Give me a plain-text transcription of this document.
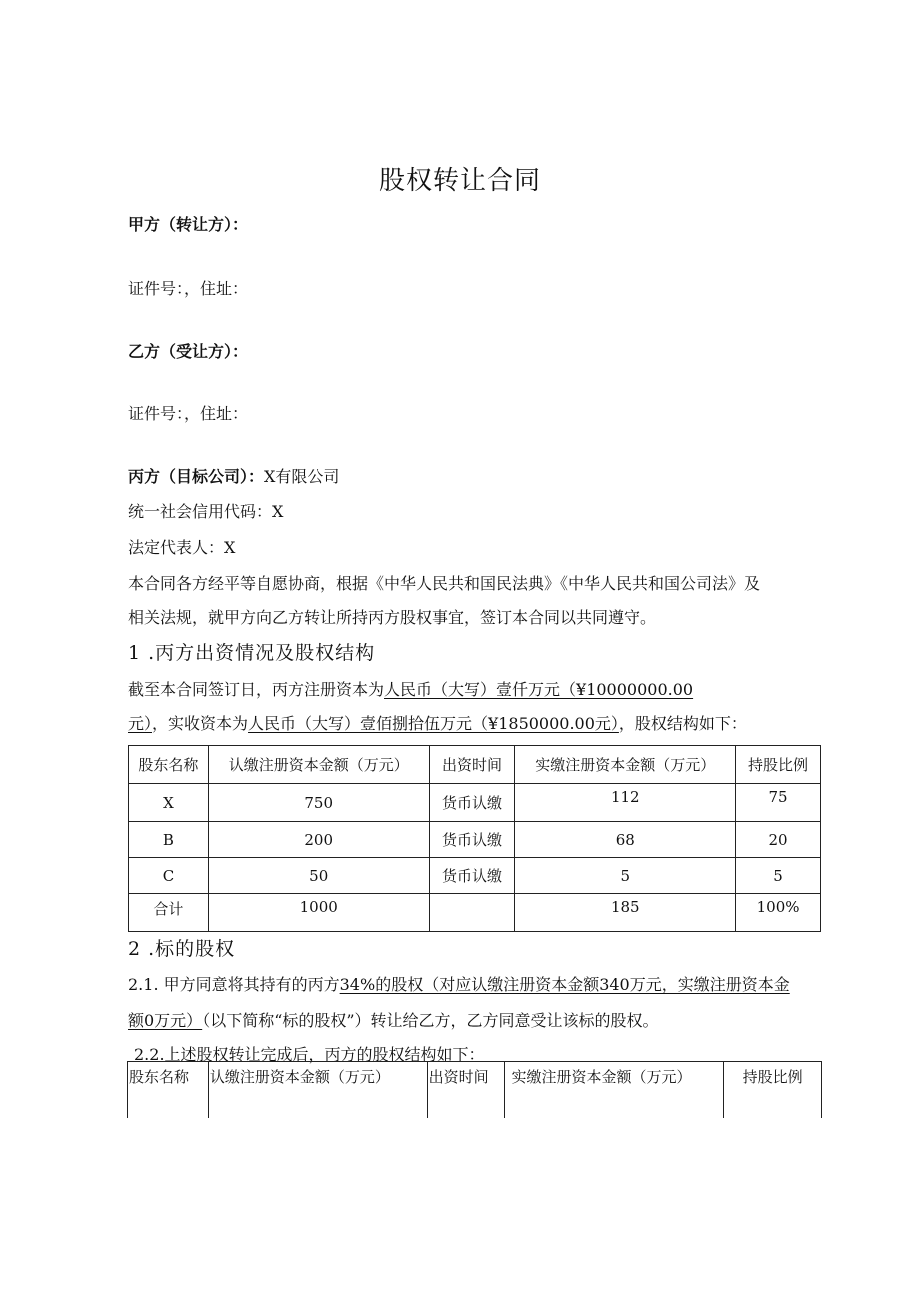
股权转让合同
甲方（转让方）：
证件号：，住址：
乙方（受让方）：
证件号：，住址：
丙方（目标公司）：X有限公司
统一社会信用代码：X
法定代表人：X
本合同各方经平等自愿协商，根据《中华人民共和国民法典》《中华人民共和国公司法》及
相关法规，就甲方向乙方转让所持丙方股权事宜，签订本合同以共同遵守。
1 .丙方出资情况及股权结构
截至本合同签订日，丙方注册资本为人民币（大写）壹仟万元（¥10000000.00
元），实收资本为人民币（大写）壹佰捌拾伍万元（¥1850000.00元），股权结构如下：
股东名称	认缴注册资本金额（万元）	出资时间	实缴注册资本金额（万元）	持股比例
X	750	货币认缴	112	75
B	200	货币认缴	68	20
C	50	货币认缴	5	5
合计	1000		185	100%
2 .标的股权
2.1. 甲方同意将其持有的丙方34%的股权（对应认缴注册资本金额340万元，实缴注册资本金
额0万元）（以下简称“标的股权”）转让给乙方，乙方同意受让该标的股权。
2.2.上述股权转让完成后，丙方的股权结构如下：
股东名称	认缴注册资本金额（万元）	出资时间	实缴注册资本金额（万元）	持股比例
